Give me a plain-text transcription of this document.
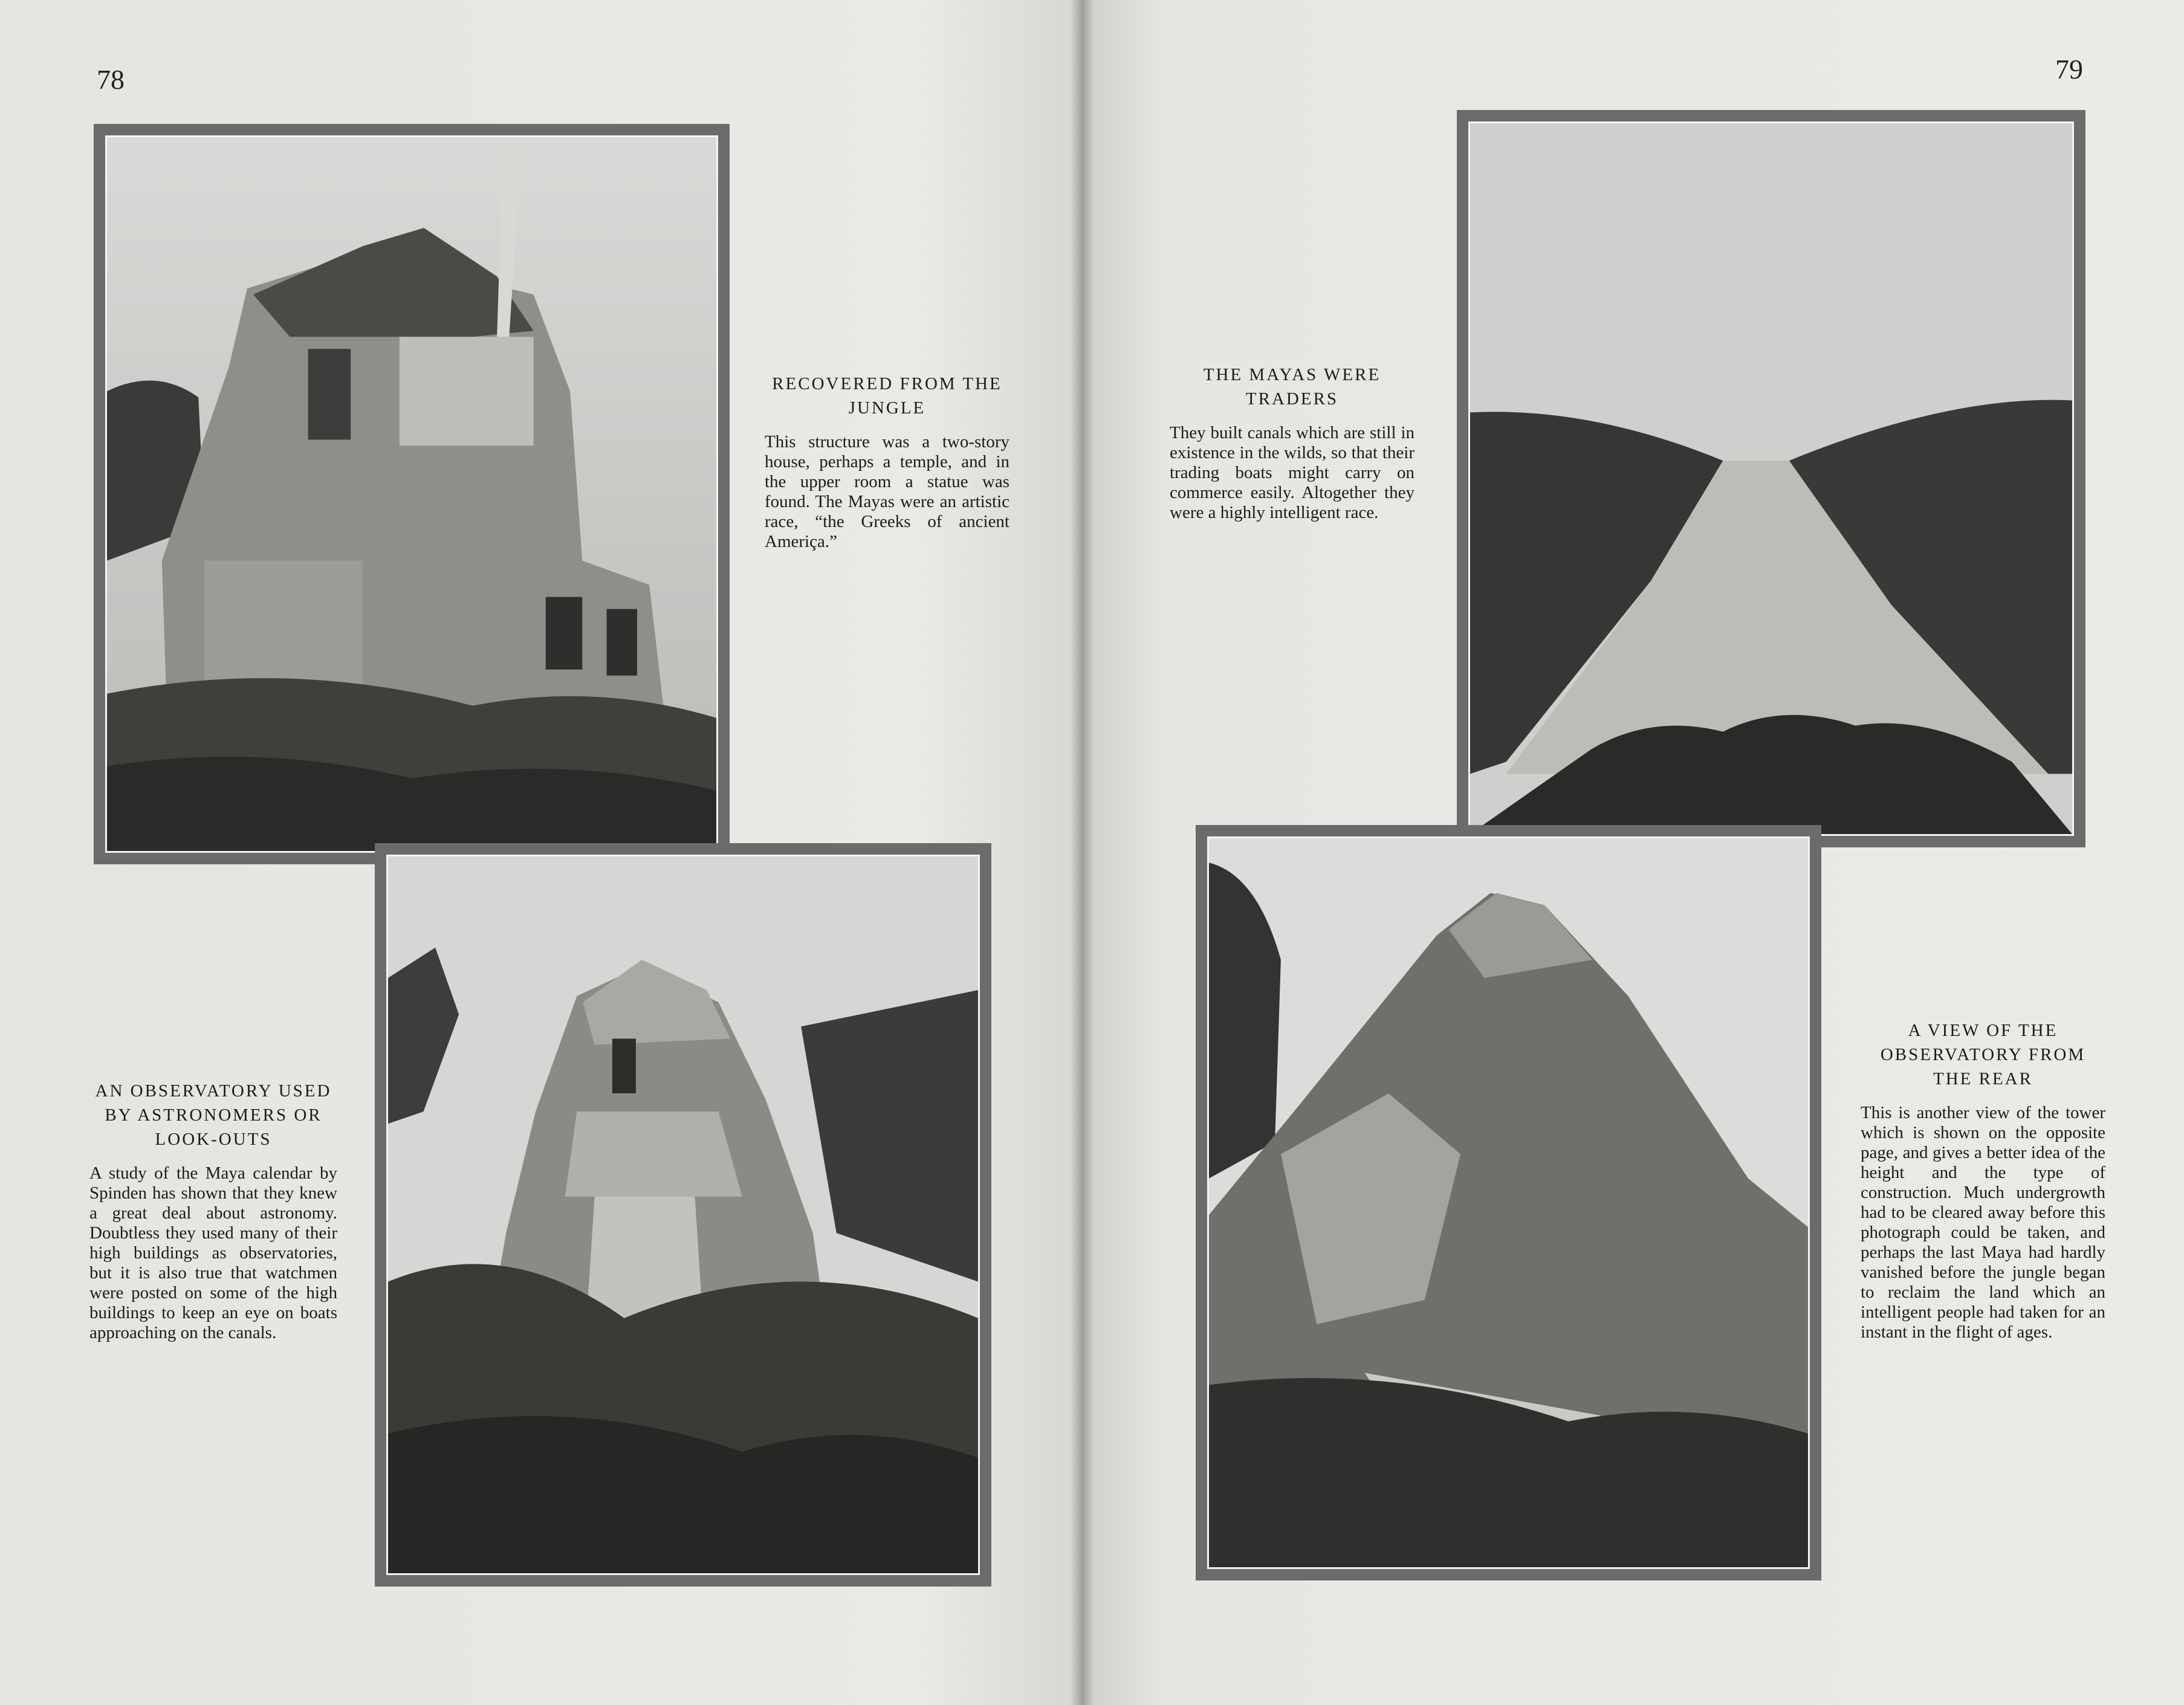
78	79
RECOVERED FROM THE JUNGLE
This structure was a two-story house, perhaps a temple, and in the upper room a statue was found. The Mayas were an artistic race, “the Greeks of ancient Ameriça.”
AN OBSERVATORY USED BY ASTRONOMERS OR LOOK-OUTS
A study of the Maya calendar by Spinden has shown that they knew a great deal about astronomy. Doubtless they used many of their high buildings as observatories, but it is also true that watchmen were posted on some of the high buildings to keep an eye on boats approaching on the canals.
THE MAYAS WERE TRADERS
They built canals which are still in existence in the wilds, so that their trading boats might carry on commerce easily. Altogether they were a highly intelligent race.
A VIEW OF THE OBSERVATORY FROM THE REAR
This is another view of the tower which is shown on the opposite page, and gives a better idea of the height and the type of construction. Much undergrowth had to be cleared away before this photograph could be taken, and perhaps the last Maya had hardly vanished before the jungle began to reclaim the land which an intelligent people had taken for an instant in the flight of ages.
